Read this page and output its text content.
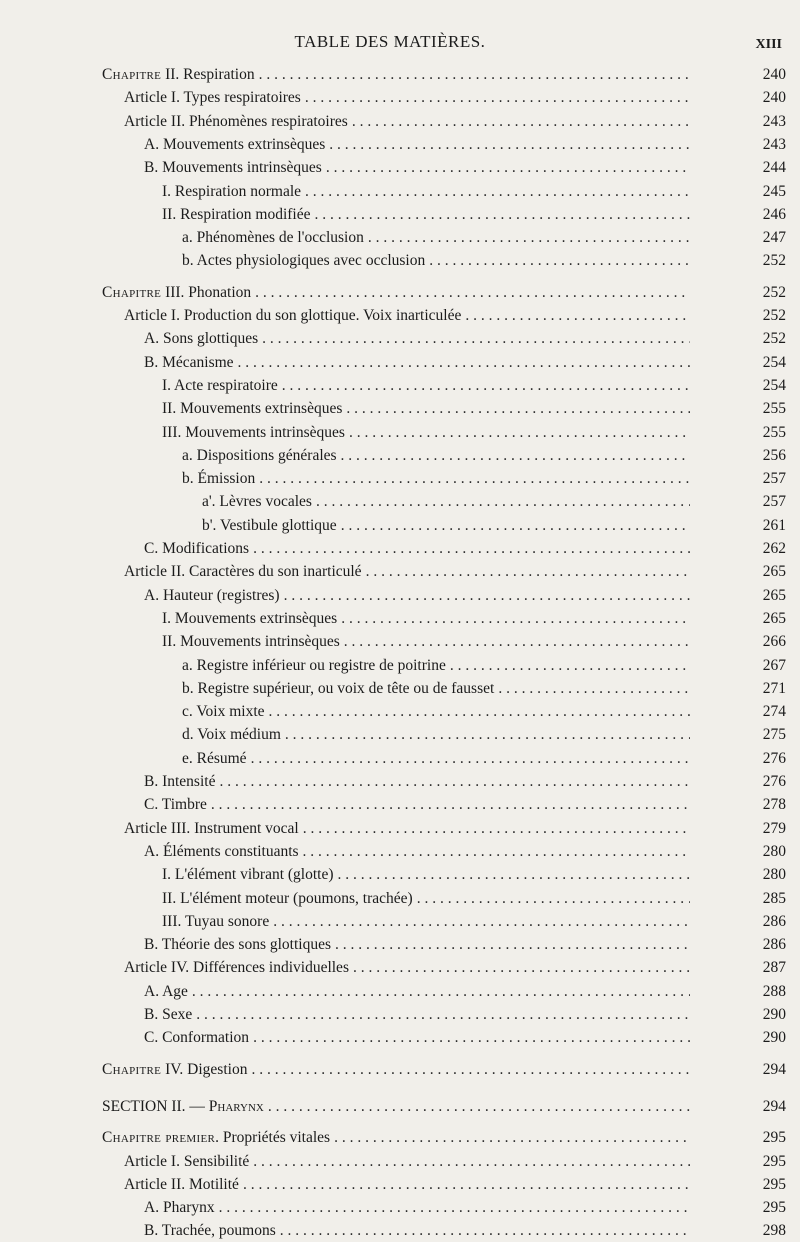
TABLE DES MATIÈRES.	XIII
Chapitre II. Respiration . . .	240
Article I. Types respiratoires . . .	240
Article II. Phénomènes respiratoires . . .	243
A. Mouvements extrinsèques . . .	243
B. Mouvements intrinsèques . . .	244
I. Respiration normale . . .	245
II. Respiration modifiée . . .	246
a. Phénomènes de l'occlusion . . .	247
b. Actes physiologiques avec occlusion . . .	252
Chapitre III. Phonation . . .	252
Article I. Production du son glottique. Voix inarticulée . . .	252
A. Sons glottiques . . .	252
B. Mécanisme . . .	254
I. Acte respiratoire . . .	254
II. Mouvements extrinsèques . . .	255
III. Mouvements intrinsèques . . .	255
a. Dispositions générales . . .	256
b. Émission . . .	257
a'. Lèvres vocales . . .	257
b'. Vestibule glottique . . .	261
C. Modifications . . .	262
Article II. Caractères du son inarticulé . . .	265
A. Hauteur (registres) . . .	265
I. Mouvements extrinsèques . . .	265
II. Mouvements intrinsèques . . .	266
a. Registre inférieur ou registre de poitrine . . .	267
b. Registre supérieur, ou voix de tête ou de fausset . . .	271
c. Voix mixte . . .	274
d. Voix médium . . .	275
e. Résumé . . .	276
B. Intensité . . .	276
C. Timbre . . .	278
Article III. Instrument vocal . . .	279
A. Éléments constituants . . .	280
I. L'élément vibrant (glotte) . . .	280
II. L'élément moteur (poumons, trachée) . . .	285
III. Tuyau sonore . . .	286
B. Théorie des sons glottiques . . .	286
Article IV. Différences individuelles . . .	287
A. Age . . .	288
B. Sexe . . .	290
C. Conformation . . .	290
Chapitre IV. Digestion . . .	294
SECTION II. — Pharynx . . .	294
Chapitre premier. Propriétés vitales . . .	295
Article I. Sensibilité . . .	295
Article II. Motilité . . .	295
A. Pharynx . . .	295
B. Trachée, poumons . . .	298
